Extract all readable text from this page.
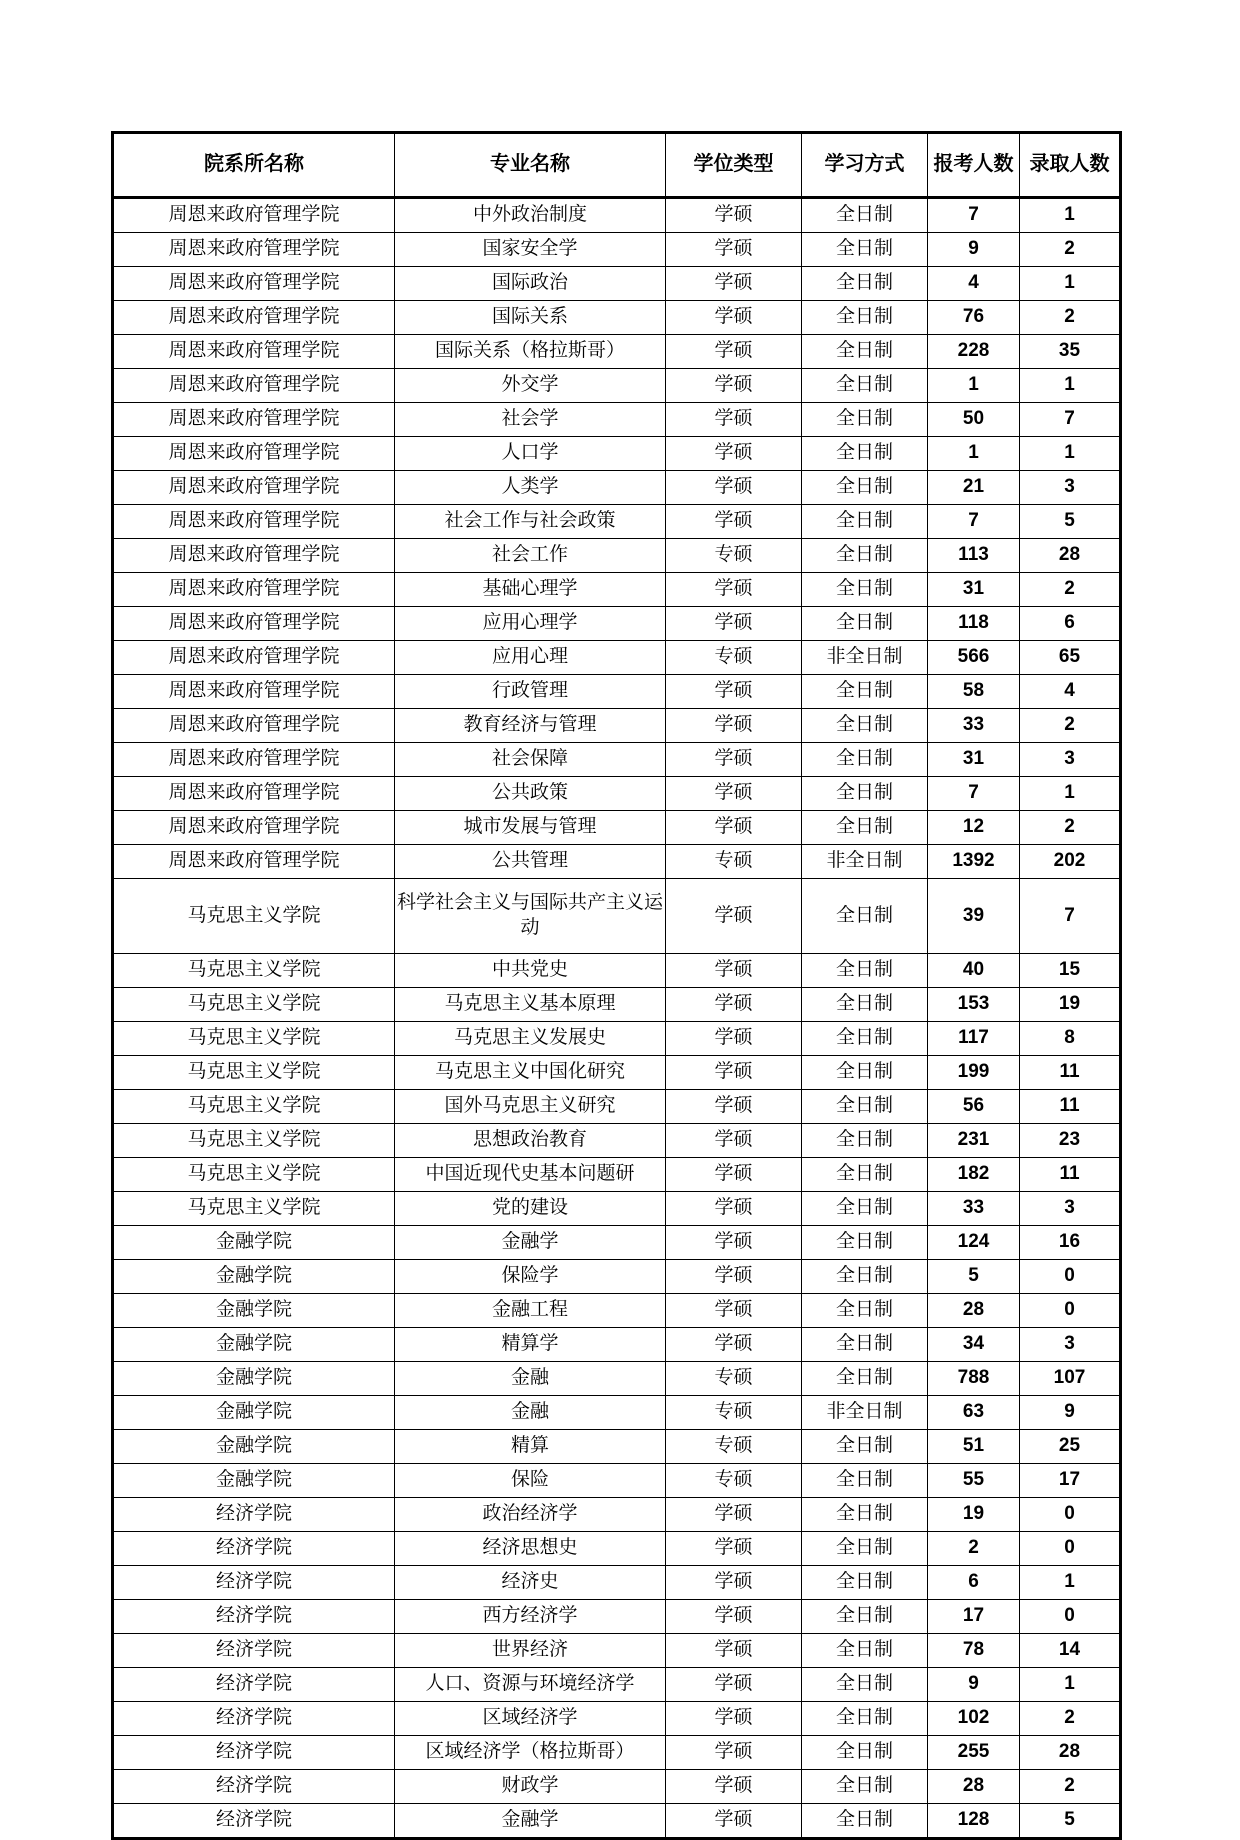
院系所名称	专业名称	学位类型	学习方式	报考人数	录取人数
周恩来政府管理学院	中外政治制度	学硕	全日制	7	1
周恩来政府管理学院	国家安全学	学硕	全日制	9	2
周恩来政府管理学院	国际政治	学硕	全日制	4	1
周恩来政府管理学院	国际关系	学硕	全日制	76	2
周恩来政府管理学院	国际关系（格拉斯哥）	学硕	全日制	228	35
周恩来政府管理学院	外交学	学硕	全日制	1	1
周恩来政府管理学院	社会学	学硕	全日制	50	7
周恩来政府管理学院	人口学	学硕	全日制	1	1
周恩来政府管理学院	人类学	学硕	全日制	21	3
周恩来政府管理学院	社会工作与社会政策	学硕	全日制	7	5
周恩来政府管理学院	社会工作	专硕	全日制	113	28
周恩来政府管理学院	基础心理学	学硕	全日制	31	2
周恩来政府管理学院	应用心理学	学硕	全日制	118	6
周恩来政府管理学院	应用心理	专硕	非全日制	566	65
周恩来政府管理学院	行政管理	学硕	全日制	58	4
周恩来政府管理学院	教育经济与管理	学硕	全日制	33	2
周恩来政府管理学院	社会保障	学硕	全日制	31	3
周恩来政府管理学院	公共政策	学硕	全日制	7	1
周恩来政府管理学院	城市发展与管理	学硕	全日制	12	2
周恩来政府管理学院	公共管理	专硕	非全日制	1392	202
马克思主义学院	科学社会主义与国际共产主义运动	学硕	全日制	39	7
马克思主义学院	中共党史	学硕	全日制	40	15
马克思主义学院	马克思主义基本原理	学硕	全日制	153	19
马克思主义学院	马克思主义发展史	学硕	全日制	117	8
马克思主义学院	马克思主义中国化研究	学硕	全日制	199	11
马克思主义学院	国外马克思主义研究	学硕	全日制	56	11
马克思主义学院	思想政治教育	学硕	全日制	231	23
马克思主义学院	中国近现代史基本问题研	学硕	全日制	182	11
马克思主义学院	党的建设	学硕	全日制	33	3
金融学院	金融学	学硕	全日制	124	16
金融学院	保险学	学硕	全日制	5	0
金融学院	金融工程	学硕	全日制	28	0
金融学院	精算学	学硕	全日制	34	3
金融学院	金融	专硕	全日制	788	107
金融学院	金融	专硕	非全日制	63	9
金融学院	精算	专硕	全日制	51	25
金融学院	保险	专硕	全日制	55	17
经济学院	政治经济学	学硕	全日制	19	0
经济学院	经济思想史	学硕	全日制	2	0
经济学院	经济史	学硕	全日制	6	1
经济学院	西方经济学	学硕	全日制	17	0
经济学院	世界经济	学硕	全日制	78	14
经济学院	人口、资源与环境经济学	学硕	全日制	9	1
经济学院	区域经济学	学硕	全日制	102	2
经济学院	区域经济学（格拉斯哥）	学硕	全日制	255	28
经济学院	财政学	学硕	全日制	28	2
经济学院	金融学	学硕	全日制	128	5
